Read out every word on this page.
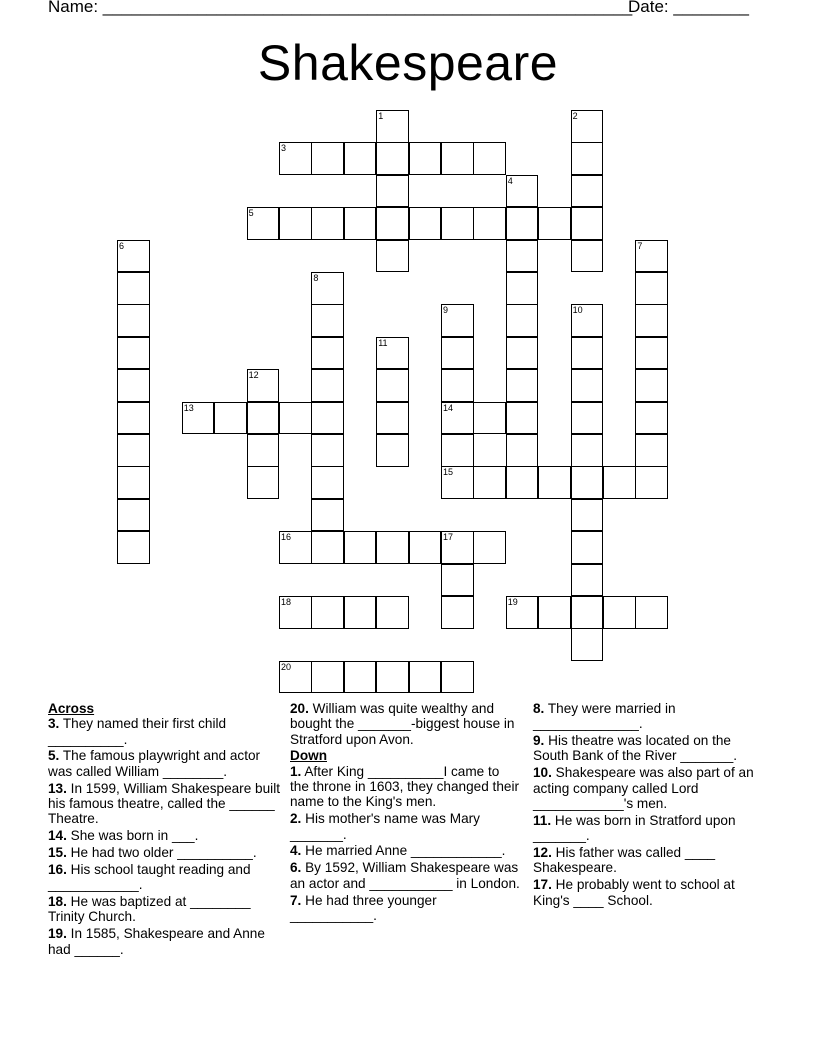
Name: ________________________________________________________
Date: ________
Shakespeare
1	2
3
4
5
6	7
8
9
14
15
10
11
12
13
16	17
18	19
20
Across
3. They named their first child __________.
5. The famous playwright and actor was called William ________.
13. In 1599, William Shakespeare built his famous theatre, called the ______ Theatre.
14. She was born in ___.
15. He had two older __________.
16. His school taught reading and ____________.
18. He was baptized at ________ Trinity Church.
19. In 1585, Shakespeare and Anne had ______.
20. William was quite wealthy and bought the _______-biggest house in Stratford upon Avon.
Down
1. After King __________I came to the throne in 1603, they changed their name to the King's men.
2. His mother's name was Mary _______.
4. He married Anne ____________.
6. By 1592, William Shakespeare was an actor and ___________ in London.
7. He had three younger ___________.
8. They were married in ______________.
9. His theatre was located on the South Bank of the River _______.
10. Shakespeare was also part of an acting company called Lord ____________'s men.
11. He was born in Stratford upon _______.
12. His father was called ____ Shakespeare.
17. He probably went to school at King's ____ School.
